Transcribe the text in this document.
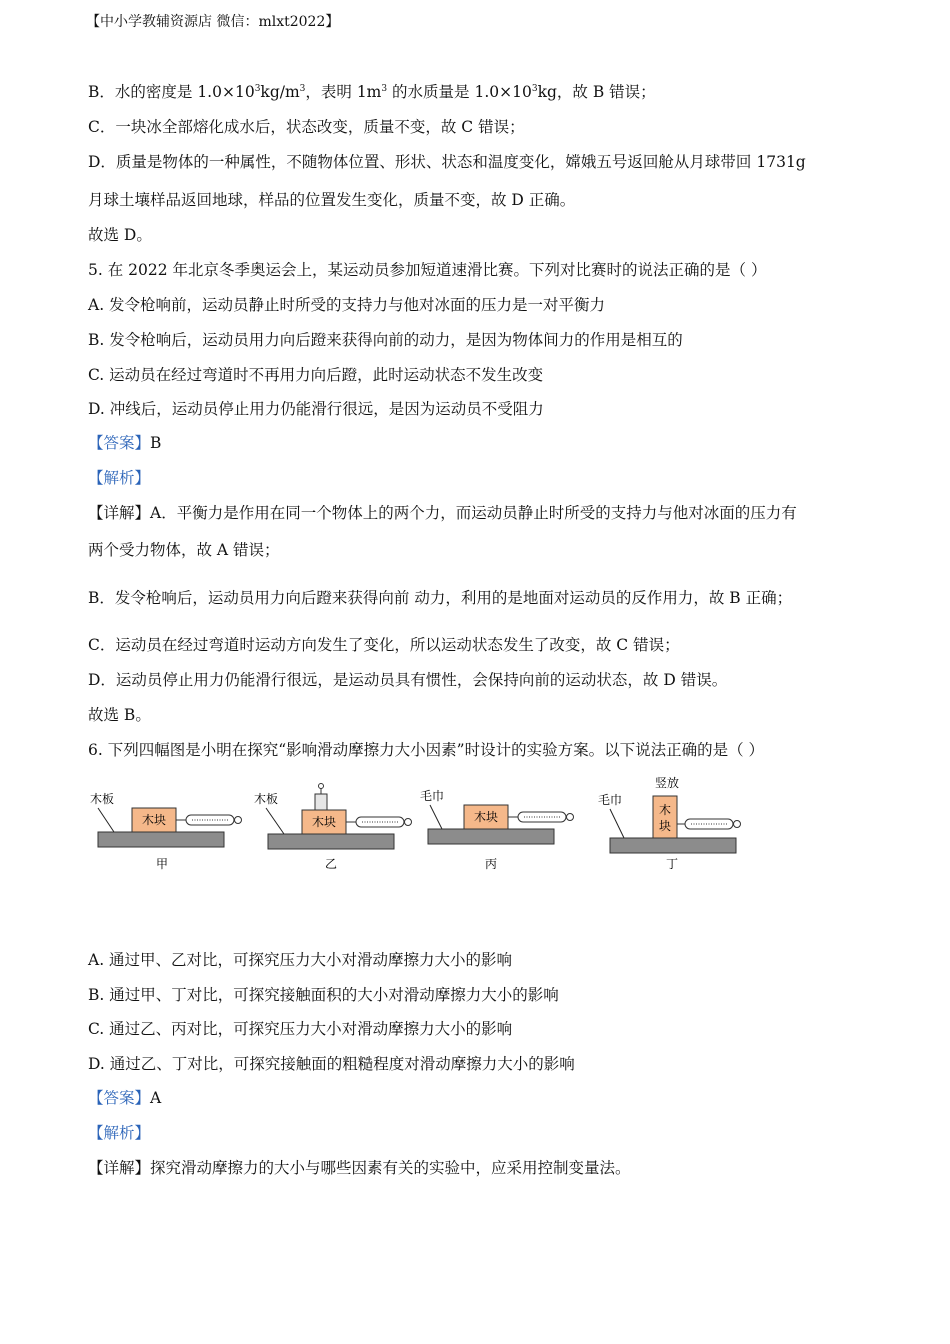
【中小学教辅资源店 微信：mlxt2022】
B．水的密度是 $1.0\times 10^3kg/m^3$，表明 $1m^3$ 的水质量是 $1.0\times 10^3kg$，故 B 错误；
C．一块冰全部熔化成水后，状态改变，质量不变，故 C 错误；
D．质量是物体的一种属性，不随物体位置、形状、状态和温度变化，嫦娥五号返回舱从月球带回 1731g
月球土壤样品返回地球，样品的位置发生变化，质量不变，故 D 正确。
故选 D。
5. 在 2022 年北京冬季奥运会上，某运动员参加短道速滑比赛。下列对比赛时的说法正确的是（ ）
A. 发令枪响前，运动员静止时所受的支持力与他对冰面的压力是一对平衡力
B. 发令枪响后，运动员用力向后蹬来获得向前的动力，是因为物体间力的作用是相互的
C. 运动员在经过弯道时不再用力向后蹬，此时运动状态不发生改变
D. 冲线后，运动员停止用力仍能滑行很远，是因为运动员不受阻力
【答案】B
【解析】
【详解】A．平衡力是作用在同一个物体上的两个力，而运动员静止时所受的支持力与他对冰面的压力有
两个受力物体，故 A 错误；
B．发令枪响后，运动员用力向后蹬来获得向前 动力，利用的是地面对运动员的反作用力，故 B 正确；
C．运动员在经过弯道时运动方向发生了变化，所以运动状态发生了改变，故 C 错误；
D．运动员停止用力仍能滑行很远，是运动员具有惯性，会保持向前的运动状态，故 D 错误。
故选 B。
6. 下列四幅图是小明在探究“影响滑动摩擦力大小因素”时设计的实验方案。以下说法正确的是（ ）
木板
木块
甲
木板
木块
乙
毛巾
木块
丙
竖放
毛巾
木
块
丁
A. 通过甲、乙对比，可探究压力大小对滑动摩擦力大小的影响
B. 通过甲、丁对比，可探究接触面积的大小对滑动摩擦力大小的影响
C. 通过乙、丙对比，可探究压力大小对滑动摩擦力大小的影响
D. 通过乙、丁对比，可探究接触面的粗糙程度对滑动摩擦力大小的影响
【答案】A
【解析】
【详解】探究滑动摩擦力的大小与哪些因素有关的实验中，应采用控制变量法。
